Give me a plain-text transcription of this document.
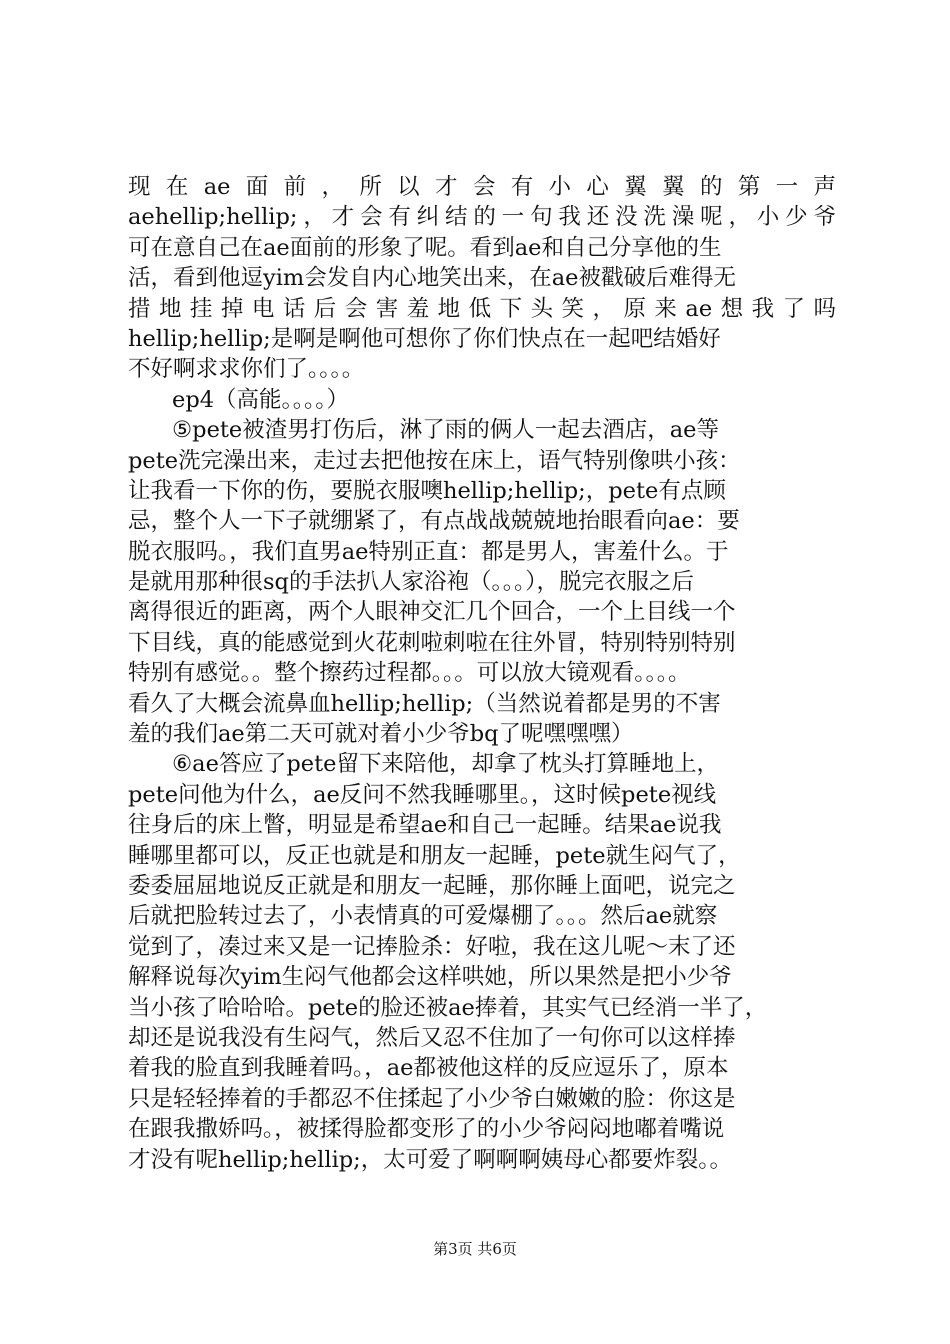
现在ae面前，所以才会有小心翼翼的第一声
aehellip;hellip;，才会有纠结的一句我还没洗澡呢，小少爷
可在意自己在ae面前的形象了呢。看到ae和自己分享他的生
活，看到他逗yim会发自内心地笑出来，在ae被戳破后难得无
措地挂掉电话后会害羞地低下头笑，原来ae想我了吗
hellip;hellip;是啊是啊他可想你了你们快点在一起吧结婚好
不好啊求求你们了。。。。
ep4（高能。。。。）
⑤pete被渣男打伤后，淋了雨的俩人一起去酒店，ae等
pete洗完澡出来，走过去把他按在床上，语气特别像哄小孩：
让我看一下你的伤，要脱衣服噢hellip;hellip;，pete有点顾
忌，整个人一下子就绷紧了，有点战战兢兢地抬眼看向ae：要
脱衣服吗。，我们直男ae特别正直：都是男人，害羞什么。于
是就用那种很sq的手法扒人家浴袍（。。。），脱完衣服之后
离得很近的距离，两个人眼神交汇几个回合，一个上目线一个
下目线，真的能感觉到火花刺啦刺啦在往外冒，特别特别特别
特别有感觉。。整个擦药过程都。。。可以放大镜观看。。。。
看久了大概会流鼻血hellip;hellip;（当然说着都是男的不害
羞的我们ae第二天可就对着小少爷bq了呢嘿嘿嘿）
⑥ae答应了pete留下来陪他，却拿了枕头打算睡地上，
pete问他为什么，ae反问不然我睡哪里。，这时候pete视线
往身后的床上瞥，明显是希望ae和自己一起睡。结果ae说我
睡哪里都可以，反正也就是和朋友一起睡，pete就生闷气了，
委委屈屈地说反正就是和朋友一起睡，那你睡上面吧，说完之
后就把脸转过去了，小表情真的可爱爆棚了。。。然后ae就察
觉到了，凑过来又是一记捧脸杀：好啦，我在这儿呢～末了还
解释说每次yim生闷气他都会这样哄她，所以果然是把小少爷
当小孩了哈哈哈。pete的脸还被ae捧着，其实气已经消一半了，
却还是说我没有生闷气，然后又忍不住加了一句你可以这样捧
着我的脸直到我睡着吗。，ae都被他这样的反应逗乐了，原本
只是轻轻捧着的手都忍不住揉起了小少爷白嫩嫩的脸：你这是
在跟我撒娇吗。，被揉得脸都变形了的小少爷闷闷地嘟着嘴说
才没有呢hellip;hellip;，太可爱了啊啊啊姨母心都要炸裂。。
第3页 共6页
